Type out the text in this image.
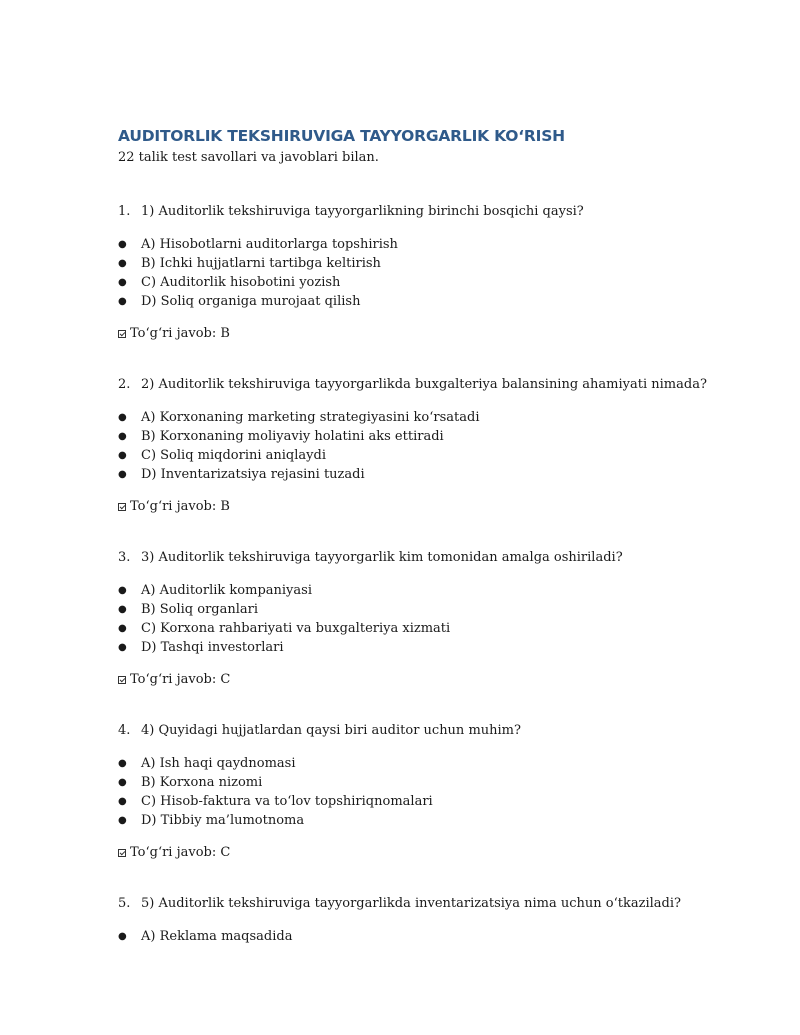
AUDITORLIK TEKSHIRUVIGA TAYYORGARLIK KO‘RISH

22 talik test savollari va javoblari bilan.

1. 1) Auditorlik tekshiruviga tayyorgarlikning birinchi bosqichi qaysi?

●	A) Hisobotlarni auditorlarga topshirish
●	B) Ichki hujjatlarni tartibga keltirish
●	C) Auditorlik hisobotini yozish
●	D) Soliq organiga murojaat qilish

To‘g‘ri javob: B

2. 2) Auditorlik tekshiruviga tayyorgarlikda buxgalteriya balansining ahamiyati nimada?

●	A) Korxonaning marketing strategiyasini ko‘rsatadi
●	B) Korxonaning moliyaviy holatini aks ettiradi
●	C) Soliq miqdorini aniqlaydi
●	D) Inventarizatsiya rejasini tuzadi

To‘g‘ri javob: B

3. 3) Auditorlik tekshiruviga tayyorgarlik kim tomonidan amalga oshiriladi?

●	A) Auditorlik kompaniyasi
●	B) Soliq organlari
●	C) Korxona rahbariyati va buxgalteriya xizmati
●	D) Tashqi investorlari

To‘g‘ri javob: C

4. 4) Quyidagi hujjatlardan qaysi biri auditor uchun muhim?

●	A) Ish haqi qaydnomasi
●	B) Korxona nizomi
●	C) Hisob-faktura va to‘lov topshiriqnomalari
●	D) Tibbiy ma’lumotnoma

To‘g‘ri javob: C

5. 5) Auditorlik tekshiruviga tayyorgarlikda inventarizatsiya nima uchun o‘tkaziladi?

●	A) Reklama maqsadida
